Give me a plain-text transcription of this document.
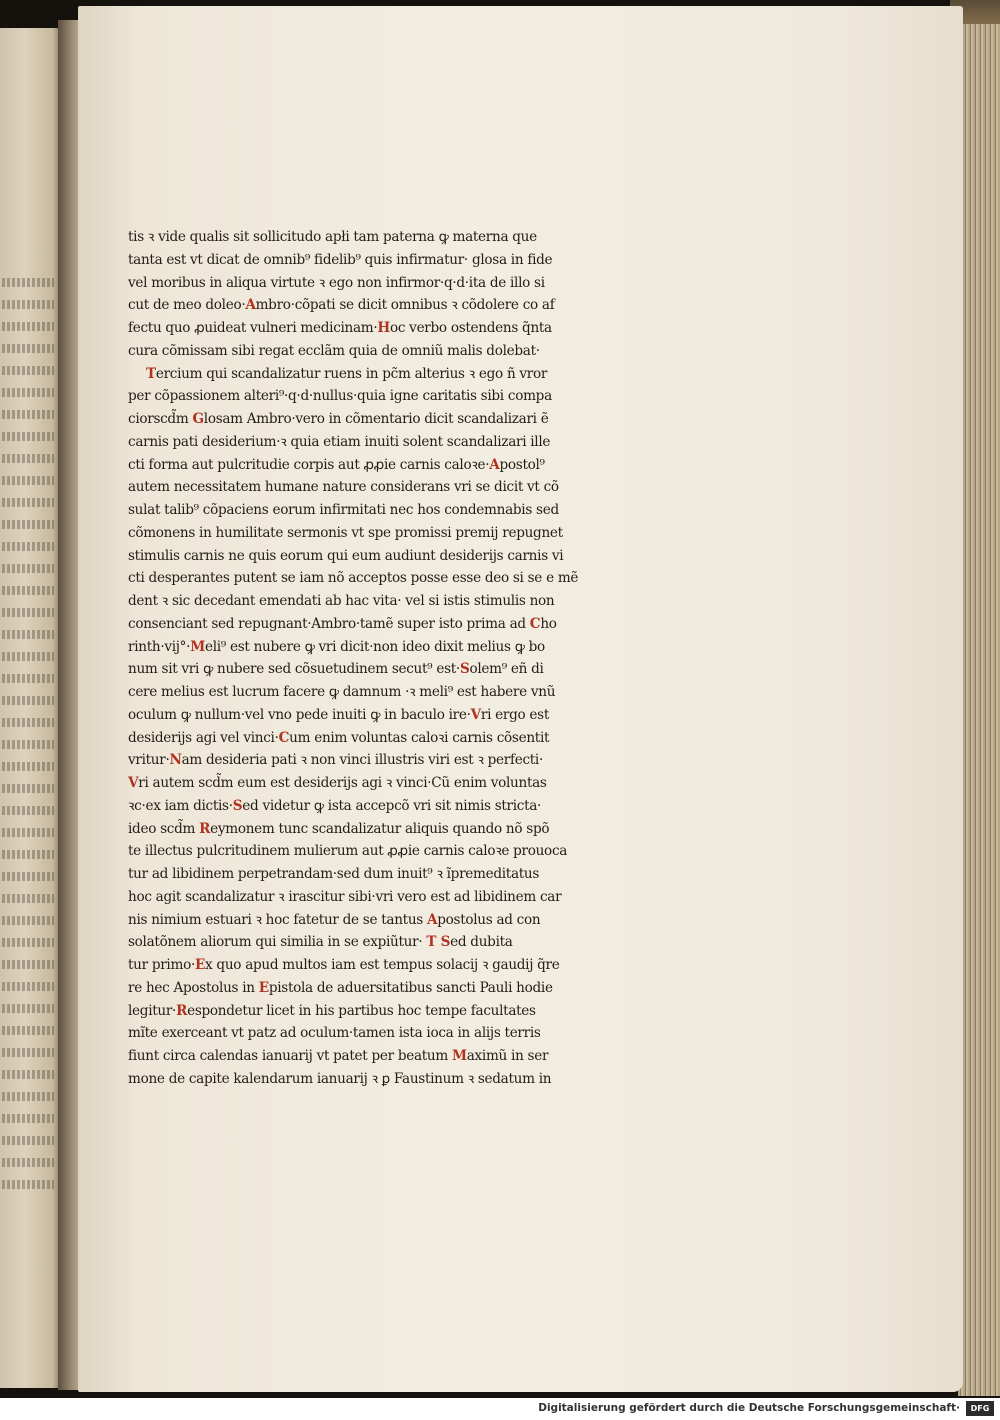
tis ꝛ vide qualis sit sollicitudo apłi tam paterna ꝙ materna que
tanta est vt dicat de omnib⁹ fidelib⁹ quis infirmatur· glosa in fide
vel moribus in aliqua virtute ꝛ ego non infirmor·q·d·ita de illo si
cut de meo doleo·Ambro·cõpati se dicit omnibus ꝛ cõdolere co af
fectu quo ꝓuideat vulneri medicinam·Hoc verbo ostendens q̃nta
cura cõmissam sibi regat ecclãm quia de omniũ malis dolebat·
Tercium qui scandalizatur ruens in pc̃m alterius ꝛ ego ñ vror
per cõpassionem alteri⁹·q·d·nullus·quia igne caritatis sibi compa
ciorscd̃m Glosam Ambro·vero in cõmentario dicit scandalizari ẽ
carnis pati desiderium·ꝛ quia etiam inuiti solent scandalizari ille
cti forma aut pulcritudie corpis aut ꝓꝓie carnis caloꝛe·Apostol⁹
autem necessitatem humane nature considerans vri se dicit vt cõ
sulat talib⁹ cõpaciens eorum infirmitati nec hos condemnabis sed
cõmonens in humilitate sermonis vt spe promissi premij repugnet
stimulis carnis ne quis eorum qui eum audiunt desiderijs carnis vi
cti desperantes putent se iam nõ acceptos posse esse deo si se e mẽ
dent ꝛ sic decedant emendati ab hac vita· vel si istis stimulis non
consenciant sed repugnant·Ambro·tamẽ super isto prima ad Cho
rinth·vij°·Meli⁹ est nubere ꝙ vri dicit·non ideo dixit melius ꝙ bo
num sit vri ꝙ nubere sed cõsuetudinem secut⁹ est·Solem⁹ eñ di
cere melius est lucrum facere ꝙ damnum ·ꝛ meli⁹ est habere vnũ
oculum ꝙ nullum·vel vno pede inuiti ꝙ in baculo ire·Vri ergo est
desiderijs agi vel vinci·Cum enim voluntas caloꝛi carnis cõsentit
vritur·Nam desideria pati ꝛ non vinci illustris viri est ꝛ perfecti·
Vri autem scd̃m eum est desiderijs agi ꝛ vinci·Cũ enim voluntas
ꝛc·ex iam dictis·Sed videtur ꝙ ista accepcõ vri sit nimis stricta·
ideo scd̃m Reymonem tunc scandalizatur aliquis quando nõ spõ
te illectus pulcritudinem mulierum aut ꝓꝓie carnis caloꝛe prouoca
tur ad libidinem perpetrandam·sed dum inuit⁹ ꝛ ĩpremeditatus
hoc agit scandalizatur ꝛ irascitur sibi·vri vero est ad libidinem car
nis nimium estuari ꝛ hoc fatetur de se tantus Apostolus ad con
solatõnem aliorum qui similia in se expiũtur· T Sed dubita
tur primo·Ex quo apud multos iam est tempus solacij ꝛ gaudij q̃re
re hec Apostolus in Epistola de aduersitatibus sancti Pauli hodie
legitur·Respondetur licet in his partibus hoc tempe facultates
mĩte exerceant vt patz ad oculum·tamen ista ioca in alijs terris
fiunt circa calendas ianuarij vt patet per beatum Maximũ in ser
mone de capite kalendarum ianuarij ꝛ ꝑ Faustinum ꝛ sedatum in
Digitalisierung gefördert durch die Deutsche Forschungsgemeinschaft·	DFG
